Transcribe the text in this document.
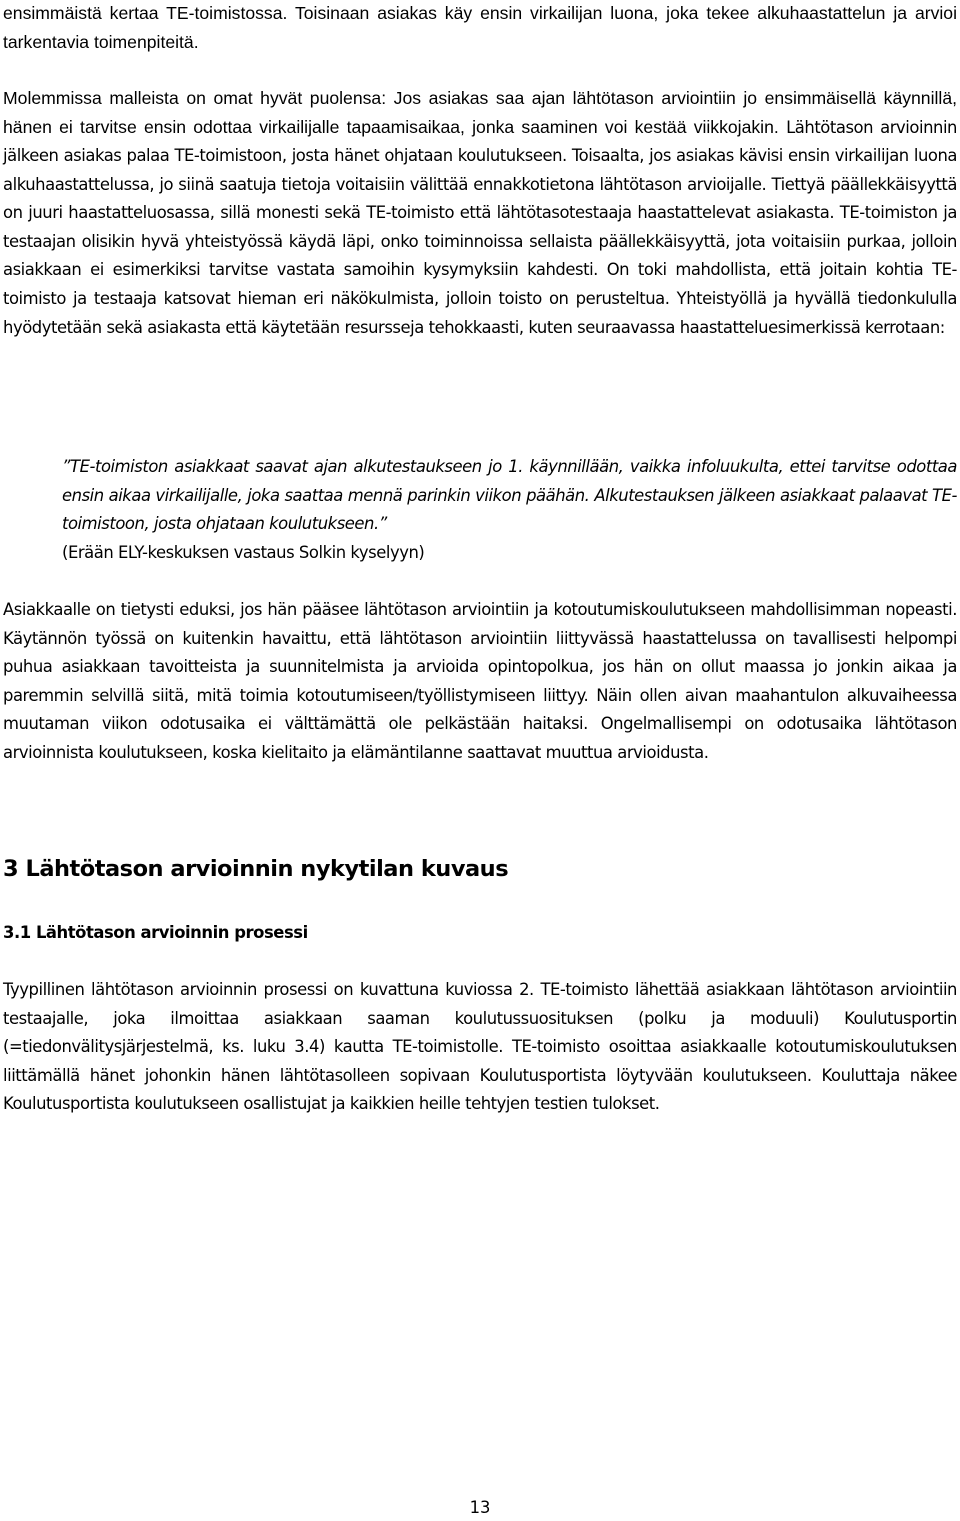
ensimmäistä kertaa TE-toimistossa. Toisinaan asiakas käy ensin virkailijan luona, joka tekee alkuhaastattelun ja arvioi tarkentavia toimenpiteitä.

Molemmissa malleista on omat hyvät puolensa: Jos asiakas saa ajan lähtötason arviointiin jo ensimmäisellä käynnillä, hänen ei tarvitse ensin odottaa virkailijalle tapaamisaikaa, jonka saaminen voi kestää viikkojakin. Lähtötason arvioinnin jälkeen asiakas palaa TE-toimistoon, josta hänet ohjataan koulutukseen. Toisaalta, jos asiakas kävisi ensin virkailijan luona alkuhaastattelussa, jo siinä saatuja tietoja voitaisiin välittää ennakkotietona lähtötason arvioijalle. Tiettyä päällekkäisyyttä on juuri haastatteluosassa, sillä monesti sekä TE-toimisto että lähtötasotestaaja haastattelevat asiakasta. TE-toimiston ja testaajan olisikin hyvä yhteistyössä käydä läpi, onko toiminnoissa sellaista päällekkäisyyttä, jota voitaisiin purkaa, jolloin asiakkaan ei esimerkiksi tarvitse vastata samoihin kysymyksiin kahdesti. On toki mahdollista, että joitain kohtia TE-toimisto ja testaaja katsovat hieman eri näkökulmista, jolloin toisto on perusteltua. Yhteistyöllä ja hyvällä tiedonkululla hyödytetään sekä asiakasta että käytetään resursseja tehokkaasti, kuten seuraavassa haastatteluesimerkissä kerrotaan:

”TE-toimiston asiakkaat saavat ajan alkutestaukseen jo 1. käynnillään, vaikka infoluukulta, ettei tarvitse odottaa ensin aikaa virkailijalle, joka saattaa mennä parinkin viikon päähän. Alkutestauksen jälkeen asiakkaat palaavat TE-toimistoon, josta ohjataan koulutukseen.”
(Erään ELY-keskuksen vastaus Solkin kyselyyn)

Asiakkaalle on tietysti eduksi, jos hän pääsee lähtötason arviointiin ja kotoutumiskoulutukseen mahdollisimman nopeasti. Käytännön työssä on kuitenkin havaittu, että lähtötason arviointiin liittyvässä haastattelussa on tavallisesti helpompi puhua asiakkaan tavoitteista ja suunnitelmista ja arvioida opintopolkua, jos hän on ollut maassa jo jonkin aikaa ja paremmin selvillä siitä, mitä toimia kotoutumiseen/työllistymiseen liittyy. Näin ollen aivan maahantulon alkuvaiheessa muutaman viikon odotusaika ei välttämättä ole pelkästään haitaksi. Ongelmallisempi on odotusaika lähtötason arvioinnista koulutukseen, koska kielitaito ja elämäntilanne saattavat muuttua arvioidusta.

3 Lähtötason arvioinnin nykytilan kuvaus
3.1 Lähtötason arvioinnin prosessi

Tyypillinen lähtötason arvioinnin prosessi on kuvattuna kuviossa 2. TE-toimisto lähettää asiakkaan lähtötason arviointiin testaajalle, joka ilmoittaa asiakkaan saaman koulutussuosituksen (polku ja moduuli) Koulutusportin (=tiedonvälitysjärjestelmä, ks. luku 3.4) kautta TE-toimistolle. TE-toimisto osoittaa asiakkaalle kotoutumiskoulutuksen liittämällä hänet johonkin hänen lähtötasolleen sopivaan Koulutusportista löytyvään koulutukseen. Kouluttaja näkee Koulutusportista koulutukseen osallistujat ja kaikkien heille tehtyjen testien tulokset.

13
